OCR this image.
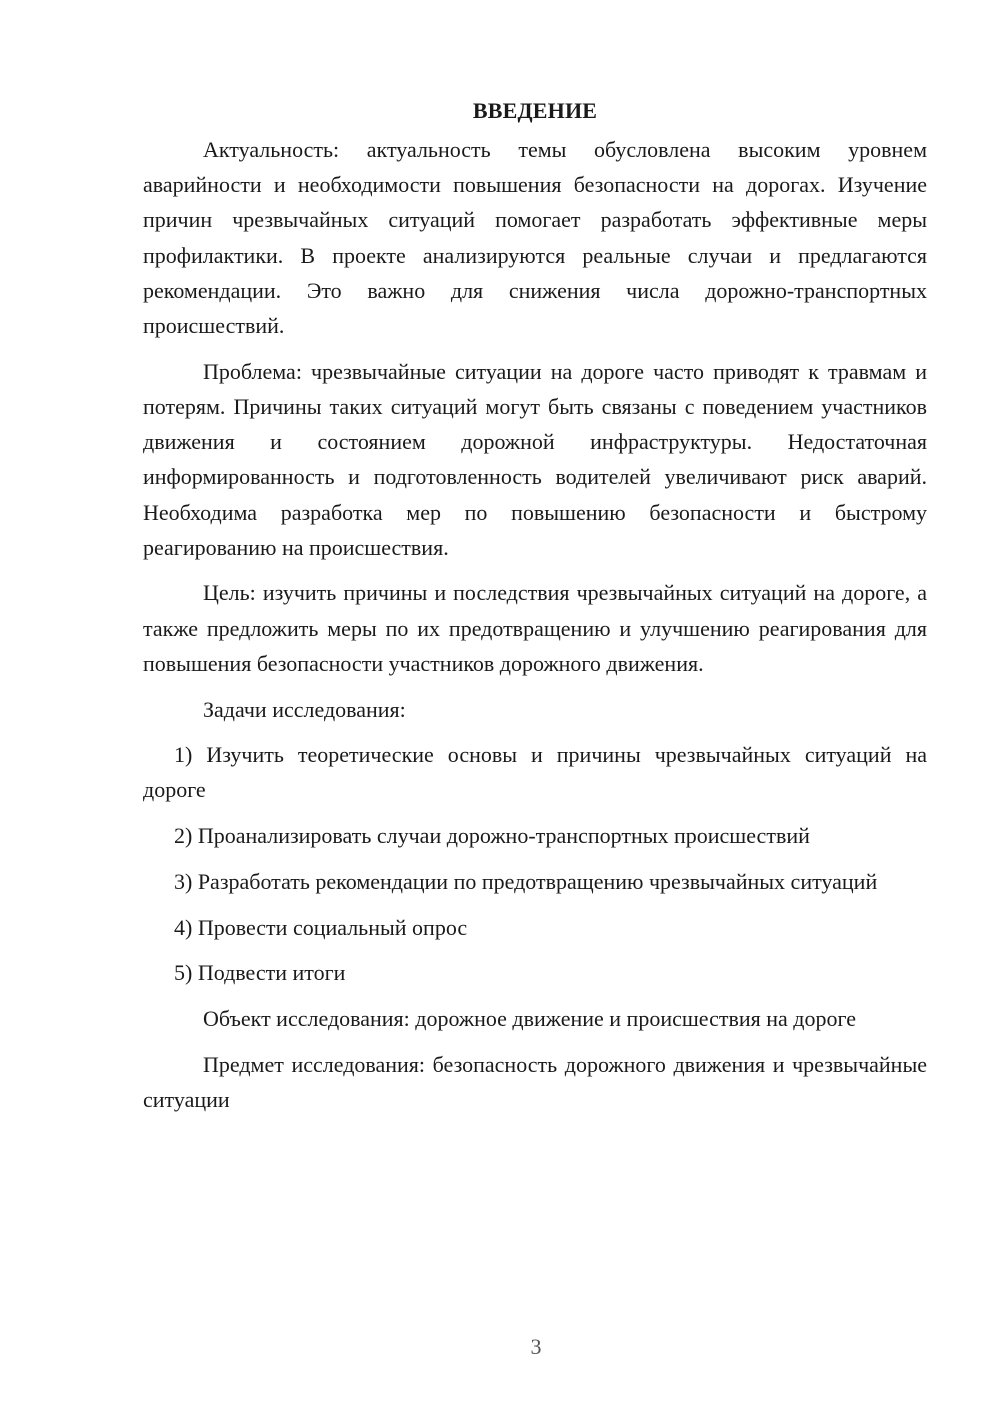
ВВЕДЕНИЕ

Актуальность: актуальность темы обусловлена высоким уровнем аварийности и необходимости повышения безопасности на дорогах. Изучение причин чрезвычайных ситуаций помогает разработать эффективные меры профилактики. В проекте анализируются реальные случаи и предлагаются рекомендации. Это важно для снижения числа дорожно-транспортных происшествий.

Проблема: чрезвычайные ситуации на дороге часто приводят к травмам и потерям. Причины таких ситуаций могут быть связаны с поведением участников движения и состоянием дорожной инфраструктуры. Недостаточная информированность и подготовленность водителей увеличивают риск аварий. Необходима разработка мер по повышению безопасности и быстрому реагированию на происшествия.

Цель: изучить причины и последствия чрезвычайных ситуаций на дороге, а также предложить меры по их предотвращению и улучшению реагирования для повышения безопасности участников дорожного движения.

Задачи исследования:

1) Изучить теоретические основы и причины чрезвычайных ситуаций на дороге

2) Проанализировать случаи дорожно-транспортных происшествий

3) Разработать рекомендации по предотвращению чрезвычайных ситуаций

4) Провести социальный опрос

5) Подвести итоги

Объект исследования: дорожное движение и происшествия на дороге

Предмет исследования: безопасность дорожного движения и чрезвычайные ситуации

3
